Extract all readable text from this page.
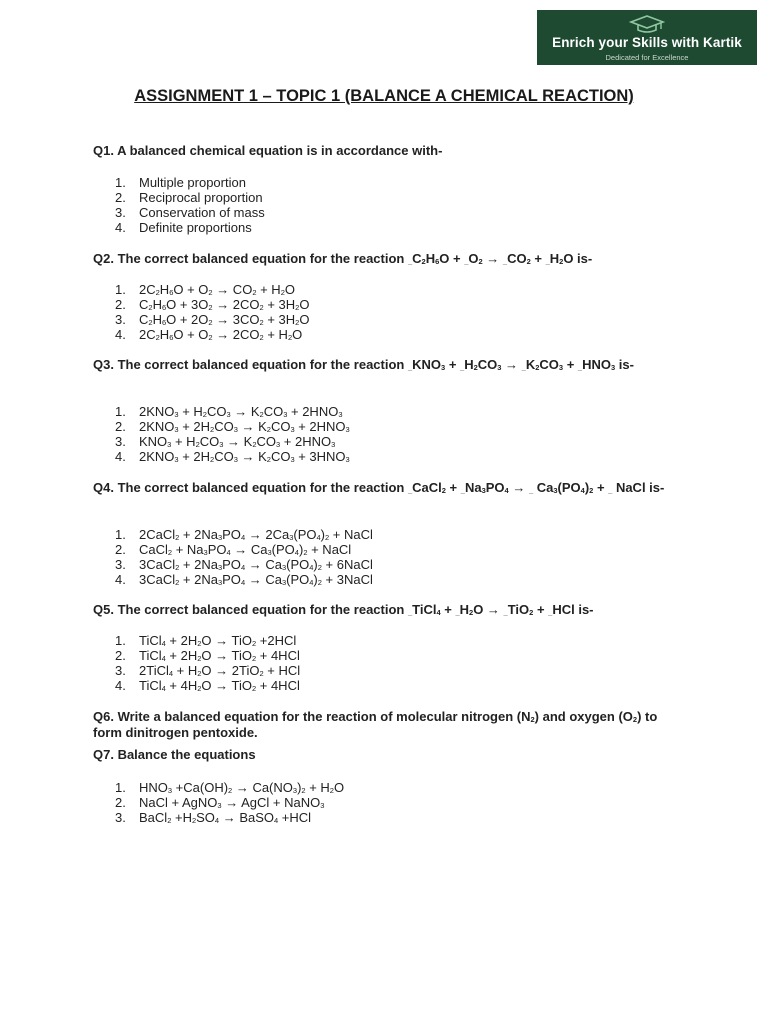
Enrich your Skills with Kartik
Dedicated for Excellence
ASSIGNMENT 1 – TOPIC 1 (BALANCE A CHEMICAL REACTION)
Q1. A balanced chemical equation is in accordance with-
1. Multiple proportion
2. Reciprocal proportion
3. Conservation of mass
4. Definite proportions
Q2. The correct balanced equation for the reaction $_{\_}C_2H_6O + _{\_}O_2 \to _{\_}CO_2 + _{\_}H_2O$ is-
1. $2C_2H_6O + O_2 \to CO_2 + H_2O$
2. $C_2H_6O + 3O_2 \to 2CO_2 + 3H_2O$
3. $C_2H_6O + 2O_2 \to 3CO_2 + 3H_2O$
4. $2C_2H_6O + O_2 \to 2CO_2 + H_2O$
Q3. The correct balanced equation for the reaction $_{\_}KNO_3 + _{\_}H_2CO_3 \to _{\_}K_2CO_3 + _{\_}HNO_3$ is-
1. $2KNO_3 + H_2CO_3 \to K_2CO_3 + 2HNO_3$
2. $2KNO_3 + 2H_2CO_3 \to K_2CO_3 + 2HNO_3$
3. $KNO_3 + H_2CO_3 \to K_2CO_3 + 2HNO_3$
4. $2KNO_3 + 2H_2CO_3 \to K_2CO_3 + 3HNO_3$
Q4. The correct balanced equation for the reaction $_{\_}$CaCl$_2$ + $_{\_}Na_3PO_4 \to _{\_}$ $Ca_3(PO_4)_2 + _{\_}$ NaCl is-
1. 2CaCl$_2$ + $2Na_3PO_4 \to 2Ca_3(PO_4)_2$ + NaCl
2. CaCl$_2$ + $Na_3PO_4 \to Ca_3(PO_4)_2$ + NaCl
3. 3CaCl$_2$ + $2Na_3PO_4 \to Ca_3(PO_4)_2$ + 6NaCl
4. 3CaCl$_2$ + $2Na_3PO_4 \to Ca_3(PO_4)_2$ + 3NaCl
Q5. The correct balanced equation for the reaction $_{\_}$TiCl$_4$ + $_{\_}H_2O \to _{\_}TiO_2 + _{\_}HCl$ is-
1. TiCl$_4$ + $2H_2O \to TiO_2 +2HCl$
2. TiCl$_4$ + $2H_2O \to TiO_2 + 4HCl$
3. 2TiCl$_4$ + $H_2O \to 2TiO_2$ + HCl
4. TiCl$_4$ + $4H_2O \to TiO_2 + 4HCl$
Q6. Write a balanced equation for the reaction of molecular nitrogen $(N_2)$ and oxygen $(O_2)$ to form dinitrogen pentoxide.
Q7. Balance the equations
1. $HNO_3 +Ca(OH)_2 \to Ca(NO_3)_2 + H_2O$
2. NaCl + AgNO$_3$ → AgCl + NaNO$_3$
3. BaCl$_2$ $+H_2SO_4$ → BaSO$_4$ +HCl
